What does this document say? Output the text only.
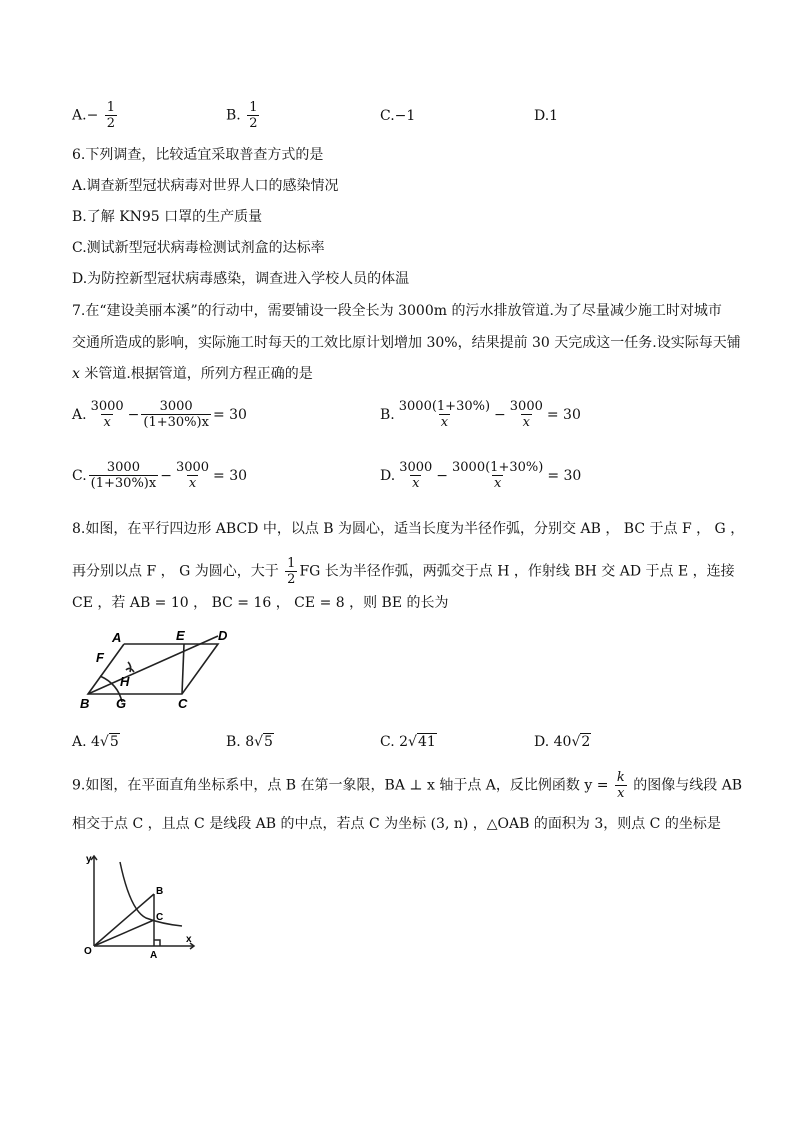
$A.- \frac{1}{2}$	B. $\frac{1}{2}$	C.−1	D.1
6.下列调查，比较适宜采取普查方式的是
A.调查新型冠状病毒对世界人口的感染情况
B.了解 KN95 口罩的生产质量
C.测试新型冠状病毒检测试剂盒的达标率
D.为防控新型冠状病毒感染，调查进入学校人员的体温
7.在“建设美丽本溪”的行动中，需要铺设一段全长为 3000m 的污水排放管道.为了尽量减少施工时对城市
交通所造成的影响，实际施工时每天的工效比原计划增加 30%，结果提前 30 天完成这一任务.设实际每天铺
x 米管道.根据管道，所列方程正确的是
A. $\frac{3000}{x} - \frac{3000}{(1+30\%)x} = 30$	B. $\frac{3000(1+30\%)}{x} - \frac{3000}{x} = 30$
C. $\frac{3000}{(1+30\%)x} - \frac{3000}{x} = 30$	D. $\frac{3000}{x} - \frac{3000(1+30\%)}{x} = 30$
8.如图，在平行四边形 ABCD 中，以点 B 为圆心，适当长度为半径作弧，分别交 AB ， BC 于点 F ， G ，
再分别以点 F ， G 为圆心，大于 $\frac{1}{2}$ FG 长为半径作弧，两弧交于点 H ，作射线 BH 交 AD 于点 E ，连接
CE ，若 AB = 10 ， BC = 16 ， CE = 8 ，则 BE 的长为
A	E	D
F
H
B G	C
A. 4√5	B. 8√5	C. 2√41	D. 40√2
9.如图，在平面直角坐标系中，点 B 在第一象限，BA ⊥ x 轴于点 A，反比例函数 $y = \frac{k}{x}$ 的图像与线段 AB
相交于点 C ，且点 C 是线段 AB 的中点，若点 C 为坐标 (3, n) ，△OAB 的面积为 3，则点 C 的坐标是
y
B
C
O	A
x
